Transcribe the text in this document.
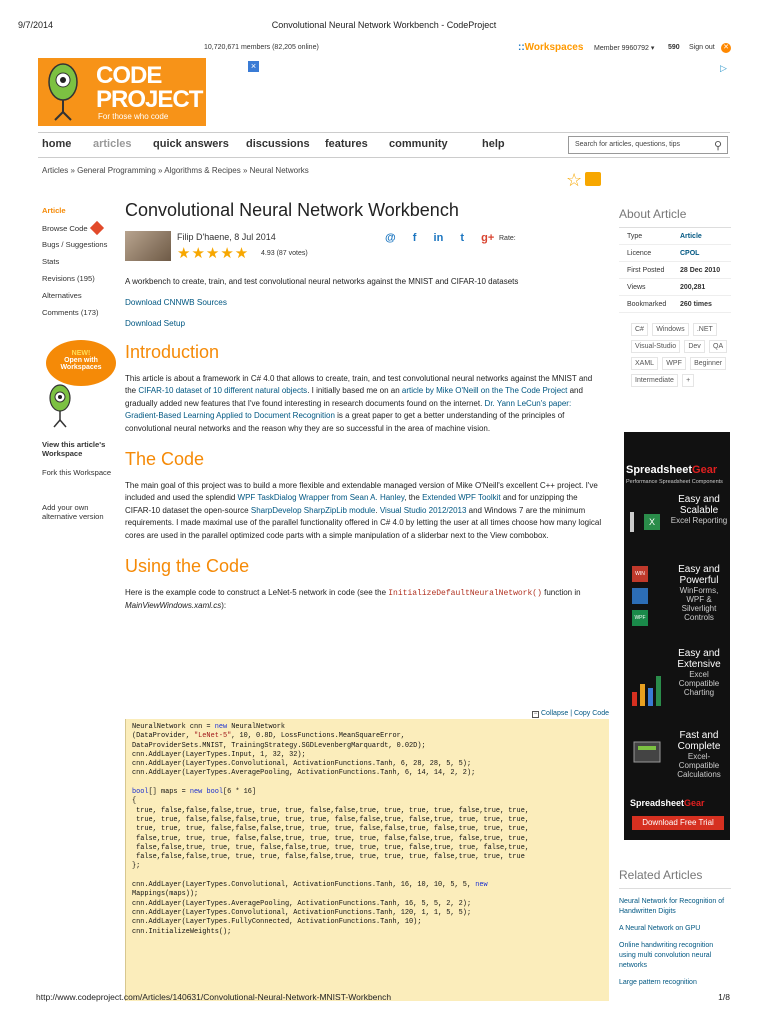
9/7/2014	Convolutional Neural Network Workbench - CodeProject
10,720,671 members (82,205 online)	::Workspaces Member 9960792 ▾ 590 Sign out ✕
CODE
PROJECT
For those who code
×	▷
home articles quick answers discussions features community	help	Search for articles, questions, tips	⚲
Articles » General Programming » Algorithms & Recipes » Neural Networks	☆
Article
Browse Code
Bugs / Suggestions
Stats
Revisions (195)
Alternatives
Comments (173)
NEW!
Open with
Workspaces
View this article's Workspace
Fork this Workspace
Add your own alternative version
Convolutional Neural Network Workbench
Filip D'haene, 8 Jul 2014
★★★★★ 4.93 (87 votes)
@ f in t g+ Rate:
A workbench to create, train, and test convolutional neural networks against the MNIST and CIFAR-10 datasets
Download CNNWB Sources
Download Setup
Introduction

This article is about a framework in C# 4.0 that allows to create, train, and test convolutional neural networks against the MNIST and the CIFAR-10 dataset of 10 different natural objects. I initially based me on an article by Mike O'Neill on the The Code Project and gradually added new features that I've found interesting in research documents found on the internet. Dr. Yann LeCun's paper: Gradient-Based Learning Applied to Document Recognition is a great paper to get a better understanding of the principles of convolutional neural networks and the reason why they are so successful in the area of machine vision.

The Code

The main goal of this project was to build a more flexible and extendable managed version of Mike O'Neill's excellent C++ project. I've included and used the splendid WPF TaskDialog Wrapper from Sean A. Hanley, the Extended WPF Toolkit and for unzipping the CIFAR-10 dataset the open-source SharpDevelop SharpZipLib module. Visual Studio 2012/2013 and Windows 7 are the minimum requirements. I made maximal use of the parallel functionality offered in C# 4.0 by letting the user at all times choose how many logical cores are used in the parallel optimized code parts with a simple manipulation of a sliderbar next to the View combobox.

Using the Code

Here is the example code to construct a LeNet-5 network in code (see the InitializeDefaultNeuralNetwork() function in MainViewWindows.xaml.cs):

− Collapse | Copy Code
NeuralNetwork cnn = new NeuralNetwork
(DataProvider, "LeNet-5", 10, 0.8D, LossFunctions.MeanSquareError,
DataProviderSets.MNIST, TrainingStrategy.SGDLevenbergMarquardt, 0.02D);
cnn.AddLayer(LayerTypes.Input, 1, 32, 32);
cnn.AddLayer(LayerTypes.Convolutional, ActivationFunctions.Tanh, 6, 28, 28, 5, 5);
cnn.AddLayer(LayerTypes.AveragePooling, ActivationFunctions.Tanh, 6, 14, 14, 2, 2);

bool[] maps = new bool[6 * 16]
{
true, false,false,false,true, true, true, false,false,true, true, true, true, false,true, true,
true, true, false,false,false,true, true, true, false,false,true, false,true, true, true, true,
true, true, true, false,false,false,true, true, true, false,false,true, false,true, true, true,
false,true, true, true, false,false,true, true, true, true, false,false,true, false,true, true,
false,false,true, true, true, false,false,true, true, true, true, false,true, true, false,true,
false,false,false,true, true, true, false,false,true, true, true, true, false,true, true, true
};

cnn.AddLayer(LayerTypes.Convolutional, ActivationFunctions.Tanh, 16, 10, 10, 5, 5, new
Mappings(maps));
cnn.AddLayer(LayerTypes.AveragePooling, ActivationFunctions.Tanh, 16, 5, 5, 2, 2);
cnn.AddLayer(LayerTypes.Convolutional, ActivationFunctions.Tanh, 120, 1, 1, 5, 5);
cnn.AddLayer(LayerTypes.FullyConnected, ActivationFunctions.Tanh, 10);
cnn.InitializeWeights();
About Article
Type	Article
Licence	CPOL
First Posted 28 Dec 2010
Views	200,281
Bookmarked 260 times
C# Windows .NET Visual-Studio Dev QA XAML WPF Beginner Intermediate +
SpreadsheetGear
Performance Spreadsheet Components
X
Easy and Scalable
Excel Reporting
WIN
WPF
Easy and Powerful
WinForms, WPF & Silverlight Controls
Easy and Extensive
Excel Compatible Charting
Fast and Complete
Excel-Compatible Calculations
SpreadsheetGear
Download Free Trial
Related Articles
Neural Network for Recognition of Handwritten Digits
A Neural Network on GPU
Online handwriting recognition using multi convolution neural networks
Large pattern recognition
http://www.codeproject.com/Articles/140631/Convolutional-Neural-Network-MNIST-Workbench	1/8
